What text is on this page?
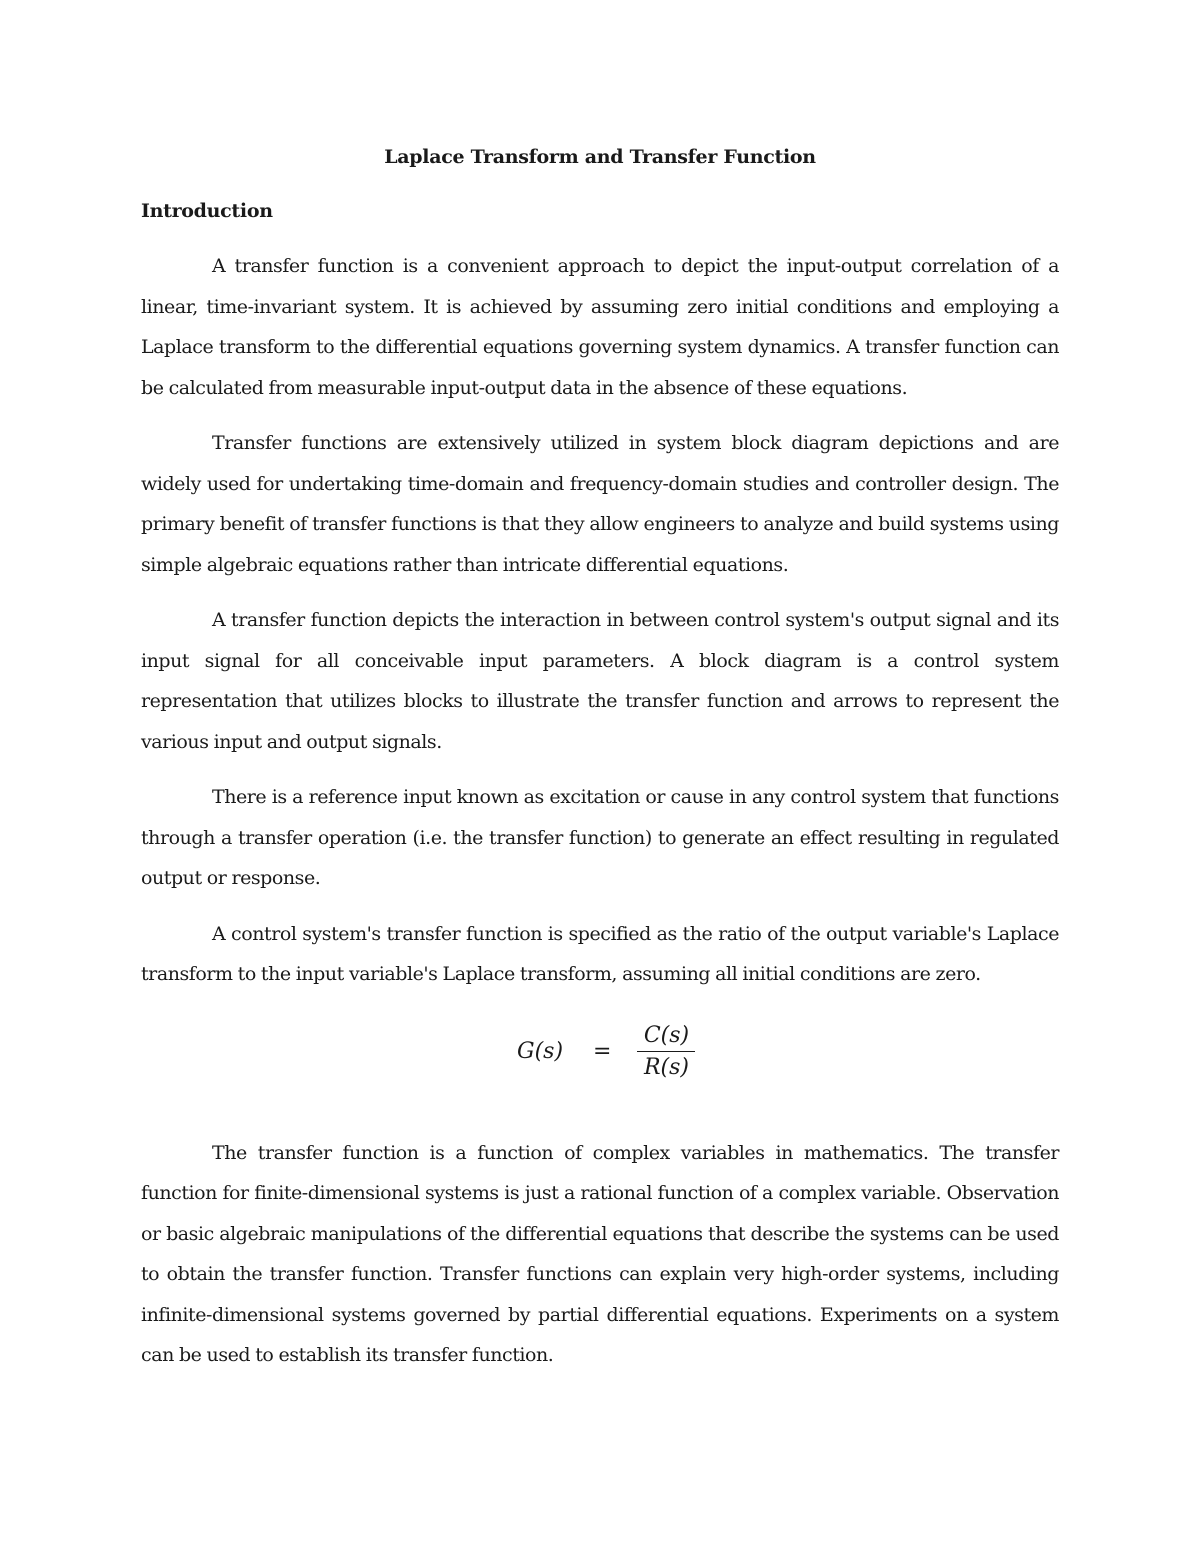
Laplace Transform and Transfer Function
Introduction

A transfer function is a convenient approach to depict the input-output correlation of a linear, time-invariant system. It is achieved by assuming zero initial conditions and employing a Laplace transform to the differential equations governing system dynamics. A transfer function can be calculated from measurable input-output data in the absence of these equations.

Transfer functions are extensively utilized in system block diagram depictions and are widely used for undertaking time-domain and frequency-domain studies and controller design. The primary benefit of transfer functions is that they allow engineers to analyze and build systems using simple algebraic equations rather than intricate differential equations.

A transfer function depicts the interaction in between control system's output signal and its input signal for all conceivable input parameters. A block diagram is a control system representation that utilizes blocks to illustrate the transfer function and arrows to represent the various input and output signals.

There is a reference input known as excitation or cause in any control system that functions through a transfer operation (i.e. the transfer function) to generate an effect resulting in regulated output or response.

A control system's transfer function is specified as the ratio of the output variable's Laplace transform to the input variable's Laplace transform, assuming all initial conditions are zero.

$G(s) = \frac{C(s)}{R(s)}$

The transfer function is a function of complex variables in mathematics. The transfer function for finite-dimensional systems is just a rational function of a complex variable. Observation or basic algebraic manipulations of the differential equations that describe the systems can be used to obtain the transfer function. Transfer functions can explain very high-order systems, including infinite-dimensional systems governed by partial differential equations. Experiments on a system can be used to establish its transfer function.
